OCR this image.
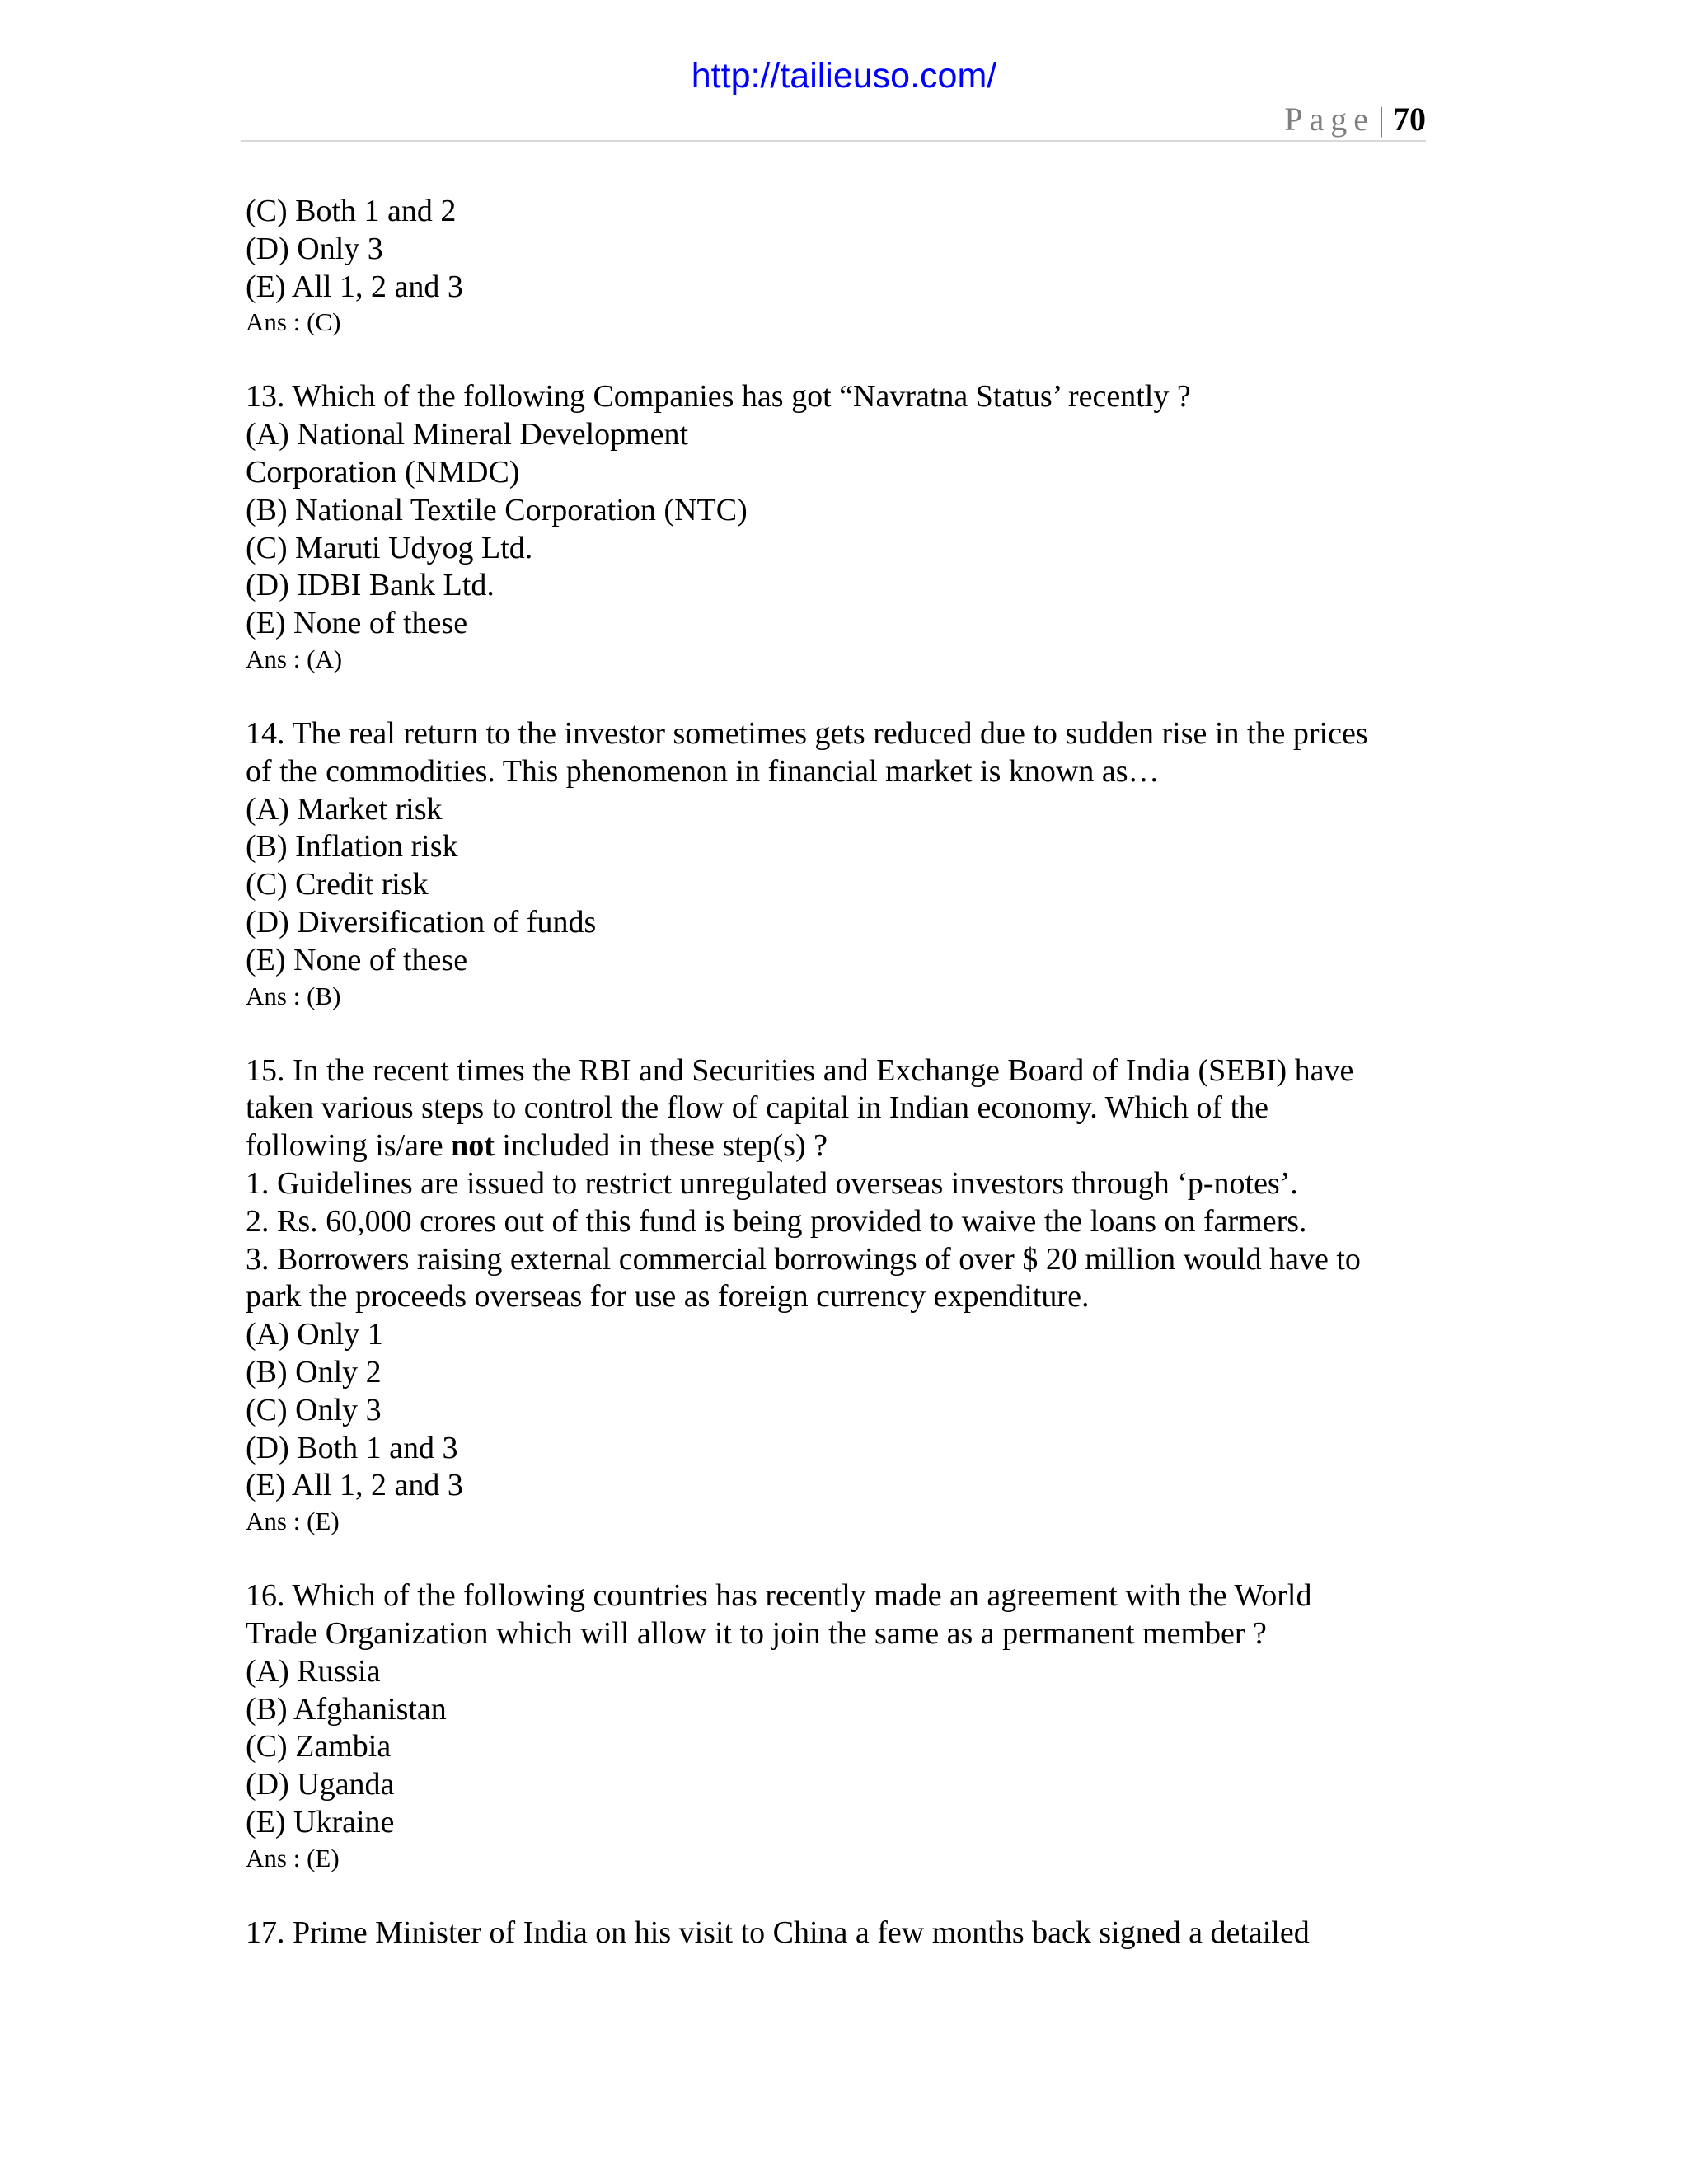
http://tailieuso.com/
Page | 70

(C) Both 1 and 2

(D) Only 3

(E) All 1, 2 and 3

Ans : (C)

13. Which of the following Companies has got “Navratna Status’ recently ?

(A) National Mineral Development

Corporation (NMDC)

(B) National Textile Corporation (NTC)

(C) Maruti Udyog Ltd.

(D) IDBI Bank Ltd.

(E) None of these

Ans : (A)

14. The real return to the investor sometimes gets reduced due to sudden rise in the prices

of the commodities. This phenomenon in financial market is known as…

(A) Market risk

(B) Inflation risk

(C) Credit risk

(D) Diversification of funds

(E) None of these

Ans : (B)

15. In the recent times the RBI and Securities and Exchange Board of India (SEBI) have

taken various steps to control the flow of capital in Indian economy. Which of the

following is/are not included in these step(s) ?

1. Guidelines are issued to restrict unregulated overseas investors through ‘p-notes’.

2. Rs. 60,000 crores out of this fund is being provided to waive the loans on farmers.

3. Borrowers raising external commercial borrowings of over $ 20 million would have to

park the proceeds overseas for use as foreign currency expenditure.

(A) Only 1

(B) Only 2

(C) Only 3

(D) Both 1 and 3

(E) All 1, 2 and 3

Ans : (E)

16. Which of the following countries has recently made an agreement with the World

Trade Organization which will allow it to join the same as a permanent member ?

(A) Russia

(B) Afghanistan

(C) Zambia

(D) Uganda

(E) Ukraine

Ans : (E)

17. Prime Minister of India on his visit to China a few months back signed a detailed
